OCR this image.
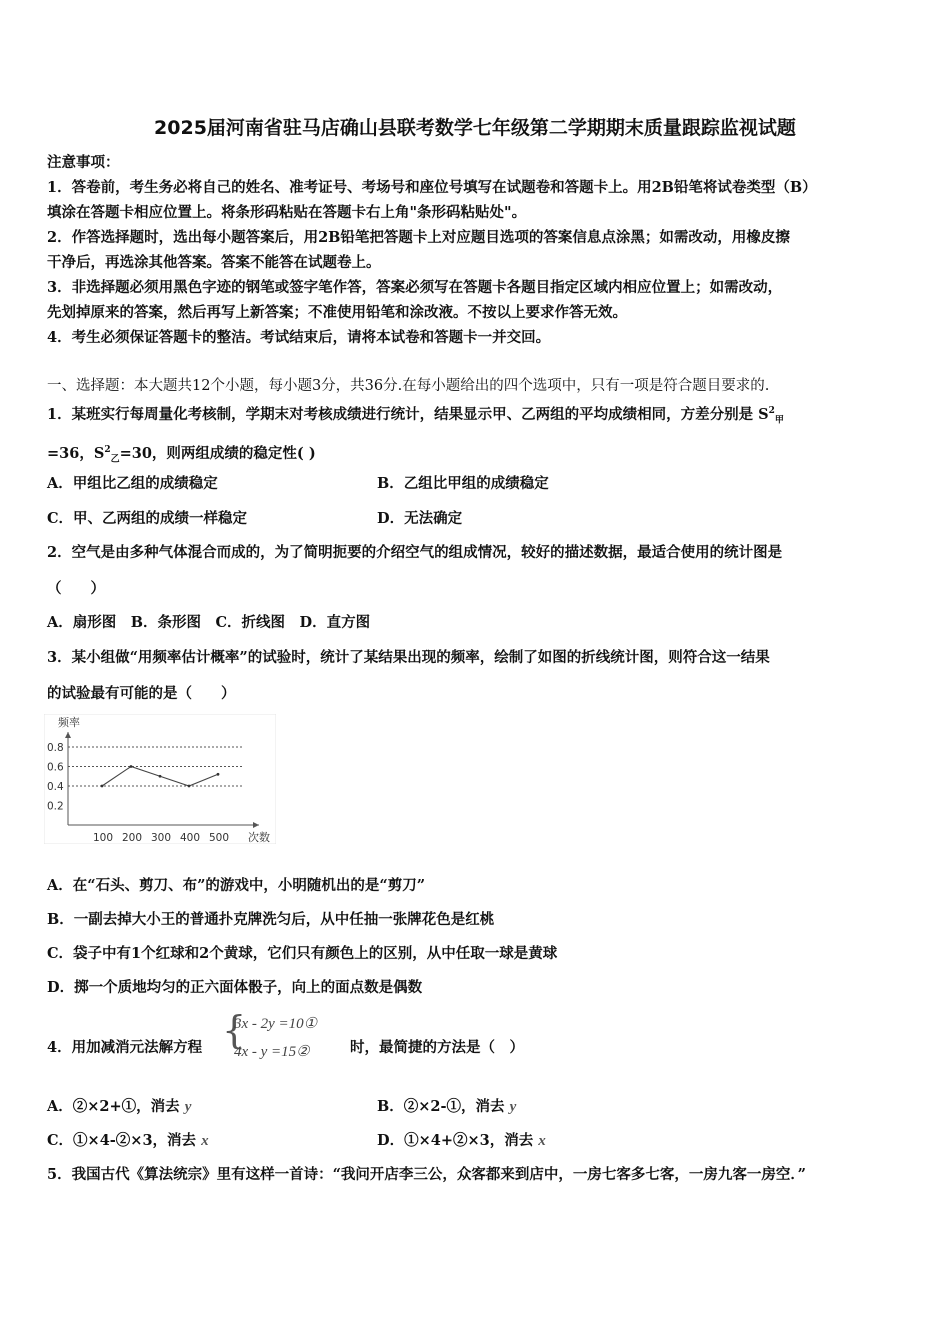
2025届河南省驻马店确山县联考数学七年级第二学期期末质量跟踪监视试题
注意事项：
1．答卷前，考生务必将自己的姓名、准考证号、考场号和座位号填写在试题卷和答题卡上。用2B铅笔将试卷类型（B）
填涂在答题卡相应位置上。将条形码粘贴在答题卡右上角"条形码粘贴处"。
2．作答选择题时，选出每小题答案后，用2B铅笔把答题卡上对应题目选项的答案信息点涂黑；如需改动，用橡皮擦
干净后，再选涂其他答案。答案不能答在试题卷上。
3．非选择题必须用黑色字迹的钢笔或签字笔作答，答案必须写在答题卡各题目指定区域内相应位置上；如需改动，
先划掉原来的答案，然后再写上新答案；不准使用铅笔和涂改液。不按以上要求作答无效。
4．考生必须保证答题卡的整洁。考试结束后，请将本试卷和答题卡一并交回。
一、选择题：本大题共12个小题，每小题3分，共36分.在每小题给出的四个选项中，只有一项是符合题目要求的.
1．某班实行每周量化考核制，学期末对考核成绩进行统计，结果显示甲、乙两组的平均成绩相同，方差分别是 $S^2_甲$
=36，$S^2_乙=30$，则两组成绩的稳定性( )
A．甲组比乙组的成绩稳定	B．乙组比甲组的成绩稳定
C．甲、乙两组的成绩一样稳定	D．无法确定
2．空气是由多种气体混合而成的，为了简明扼要的介绍空气的组成情况，较好的描述数据，最适合使用的统计图是
（　　）
A．扇形图　B．条形图　C．折线图　D．直方图
3．某小组做“用频率估计概率”的试验时，统计了某结果出现的频率，绘制了如图的折线统计图，则符合这一结果
的试验最有可能的是（　　）
0.8
0.6
0.4
0.2
100 200 300 400 500
频率
次数
A．在“石头、剪刀、布”的游戏中，小明随机出的是“剪刀”
B．一副去掉大小王的普通扑克牌洗匀后，从中任抽一张牌花色是红桃
C．袋子中有1个红球和2个黄球，它们只有颜色上的区别，从中任取一球是黄球
D．掷一个质地均匀的正六面体骰子，向上的面点数是偶数
4．用加减消元法解方程 {
3x - 2y =10①
4x - y =15②	时，最简捷的方法是（　）
A．②×2+①，消去 y	B．②×2-①，消去 y
C．①×4-②×3，消去 x	D．①×4+②×3，消去 x
5．我国古代《算法统宗》里有这样一首诗：“我问开店李三公，众客都来到店中，一房七客多七客，一房九客一房空．”
